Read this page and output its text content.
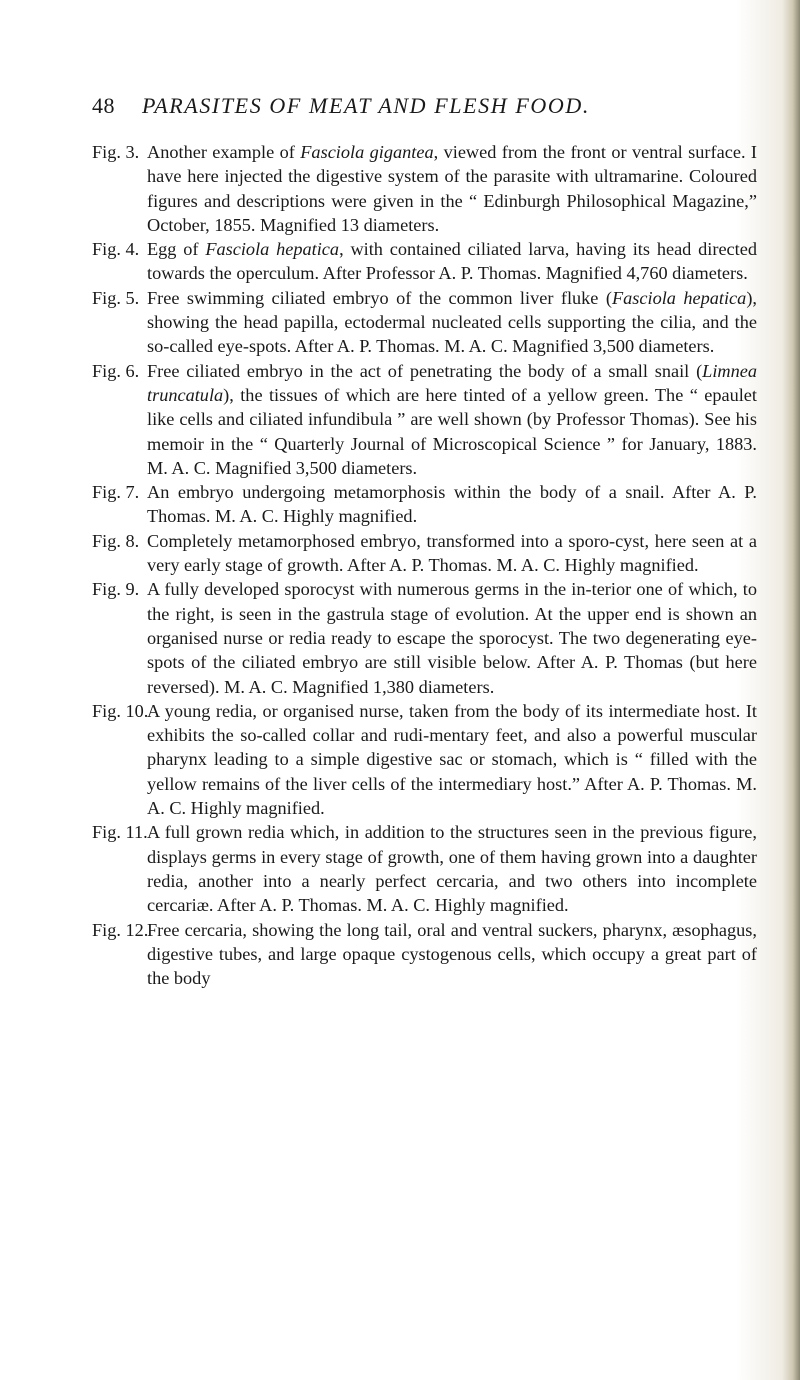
48 PARASITES OF MEAT AND FLESH FOOD.
Fig. 3. Another example of Fasciola gigantea, viewed from the front or ventral surface. I have here injected the digestive system of the parasite with ultramarine. Coloured figures and descriptions were given in the “ Edinburgh Philosophical Magazine,” October, 1855. Magnified 13 diameters.
Fig. 4. Egg of Fasciola hepatica, with contained ciliated larva, having its head directed towards the operculum. After Professor A. P. Thomas. Magnified 4,760 diameters.
Fig. 5. Free swimming ciliated embryo of the common liver fluke (Fasciola hepatica), showing the head papilla, ectodermal nucleated cells supporting the cilia, and the so-called eye-spots. After A. P. Thomas. M. A. C. Magnified 3,500 diameters.
Fig. 6. Free ciliated embryo in the act of penetrating the body of a small snail (Limnea truncatula), the tissues of which are here tinted of a yellow green. The “ epaulet like cells and ciliated infundibula ” are well shown (by Professor Thomas). See his memoir in the “ Quarterly Journal of Microscopical Science ” for January, 1883. M. A. C. Magnified 3,500 diameters.
Fig. 7. An embryo undergoing metamorphosis within the body of a snail. After A. P. Thomas. M. A. C. Highly magnified.
Fig. 8. Completely metamorphosed embryo, transformed into a sporo-cyst, here seen at a very early stage of growth. After A. P. Thomas. M. A. C. Highly magnified.
Fig. 9. A fully developed sporocyst with numerous germs in the in-terior one of which, to the right, is seen in the gastrula stage of evolution. At the upper end is shown an organised nurse or redia ready to escape the sporocyst. The two degenerating eye-spots of the ciliated embryo are still visible below. After A. P. Thomas (but here reversed). M. A. C. Magnified 1,380 diameters.
Fig. 10.
A young redia, or organised nurse, taken from the body of its intermediate host. It exhibits the so-called collar and rudi-mentary feet, and also a powerful muscular pharynx leading to a simple digestive sac or stomach, which is “ filled with the yellow remains of the liver cells of the intermediary host.” After A. P. Thomas. M. A. C. Highly magnified.
Fig. 11. A full grown redia which, in addition to the structures seen in the previous figure, displays germs in every stage of growth, one of them having grown into a daughter redia, another into a nearly perfect cercaria, and two others into incomplete cercariæ. After A. P. Thomas. M. A. C. Highly magnified.
Fig. 12.
Free cercaria, showing the long tail, oral and ventral suckers, pharynx, æsophagus, digestive tubes, and large opaque cystogenous cells, which occupy a great part of the body
